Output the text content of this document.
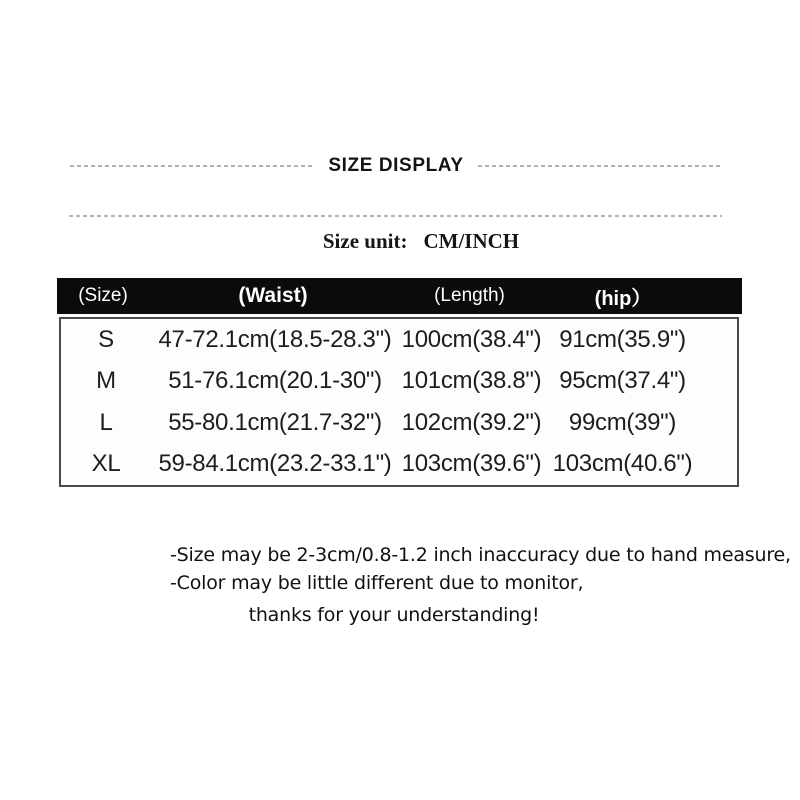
SIZE DISPLAY
Size unit: CM/INCH
(Size)	(Waist)	(Length)	(hip）
S	47-72.1cm(18.5-28.3") 100cm(38.4") 91cm(35.9")
M	51-76.1cm(20.1-30") 101cm(38.8") 95cm(37.4")
L	55-80.1cm(21.7-32") 102cm(39.2")	99cm(39")
XL	59-84.1cm(23.2-33.1") 103cm(39.6") 103cm(40.6")
-Size may be 2-3cm/0.8-1.2 inch inaccuracy due to hand measure,
-Color may be little different due to monitor,
thanks for your understanding!
